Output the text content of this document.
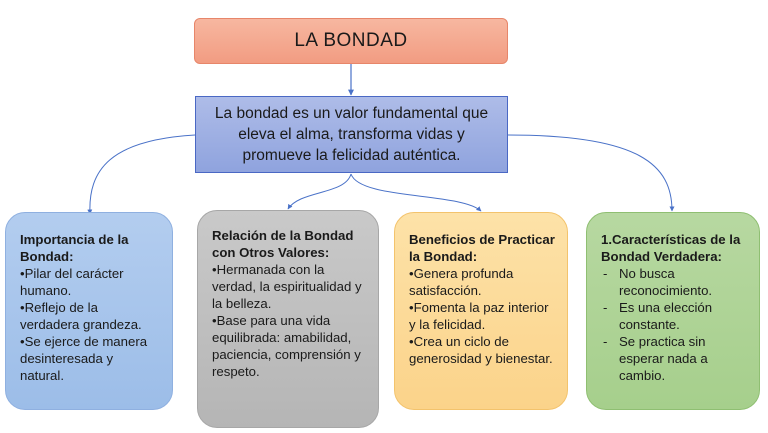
LA BONDAD
La bondad es un valor fundamental que eleva el alma, transforma vidas y promueve la felicidad auténtica.
Importancia de la Bondad:
•Pilar del carácter humano.
•Reflejo de la verdadera grandeza.
•Se ejerce de manera desinteresada y natural.
Relación de la Bondad con Otros Valores:
•Hermanada con la verdad, la espiritualidad y la belleza.
•Base para una vida equilibrada: amabilidad, paciencia, comprensión y respeto.
Beneficios de Practicar la Bondad:
•Genera profunda satisfacción.
•Fomenta la paz interior y la felicidad.
•Crea un ciclo de generosidad y bienestar.
1.Características de la Bondad Verdadera:
- No busca reconocimiento.
- Es una elección constante.
- Se practica sin esperar nada a cambio.
